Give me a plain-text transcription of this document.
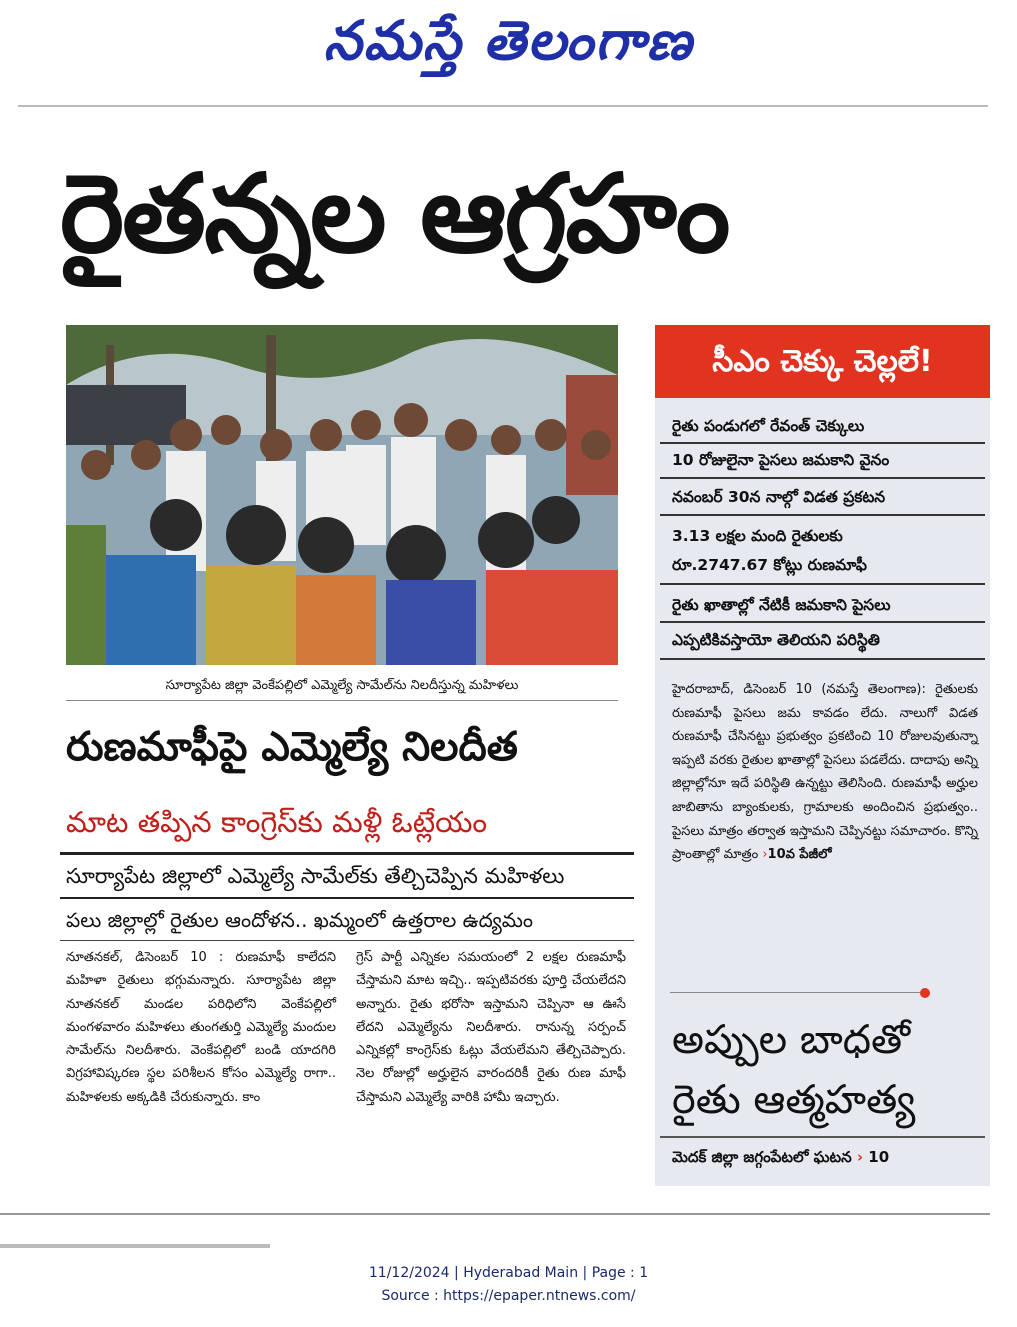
నమస్తే తెలంగాణ
రైతన్నల ఆగ్రహం
సూర్యాపేట జిల్లా వెంకేపల్లిలో ఎమ్మెల్యే సామేల్‌ను నిలదీస్తున్న మహిళలు
రుణమాఫీపై ఎమ్మెల్యే నిలదీత
మాట తప్పిన కాంగ్రెస్‌కు మళ్లీ ఓట్లేయం
సూర్యాపేట జిల్లాలో ఎమ్మెల్యే సామేల్‌కు తేల్చిచెప్పిన మహిళలు
పలు జిల్లాల్లో రైతుల ఆందోళన.. ఖమ్మంలో ఉత్తరాల ఉద్యమం
నూతనకల్, డిసెంబర్ 10 : రుణమాఫీ కాలేదని మహిళా రైతులు భగ్గుమన్నారు. సూర్యాపేట జిల్లా నూతనకల్ మండల పరిధిలోని వెంకేపల్లిలో మంగళవారం మహిళలు తుంగతుర్తి ఎమ్మెల్యే మందుల సామేల్‌ను నిలదీశారు. వెంకేపల్లిలో బండి యాదగిరి విగ్రహావిష్కరణ స్థల పరిశీలన కోసం ఎమ్మెల్యే రాగా.. మహిళలకు అక్కడికి చేరుకున్నారు. కాం
గ్రెస్ పార్టీ ఎన్నికల సమయంలో 2 లక్షల రుణమాఫీ చేస్తామని మాట ఇచ్చి.. ఇప్పటివరకు పూర్తి చేయలేదని అన్నారు. రైతు భరోసా ఇస్తామని చెప్పినా ఆ ఊసే లేదని ఎమ్మెల్యేను నిలదీశారు. రానున్న సర్పంచ్ ఎన్నికల్లో కాంగ్రెస్‌కు ఓట్లు వేయలేమని తేల్చిచెప్పారు. నెల రోజుల్లో అర్హులైన వారందరికీ రైతు రుణ మాఫీ చేస్తామని ఎమ్మెల్యే వారికి హామీ ఇచ్చారు.
సీఎం చెక్కు చెల్లలే!
రైతు పండుగలో రేవంత్ చెక్కులు
10 రోజులైనా పైసలు జమకాని వైనం
నవంబర్ 30న నాల్గో విడత ప్రకటన
3.13 లక్షల మంది రైతులకు
రూ.2747.67 కోట్లు రుణమాఫీ
రైతు ఖాతాల్లో నేటికీ జమకాని పైసలు
ఎప్పటికివస్తాయో తెలియని పరిస్థితి
హైదరాబాద్, డిసెంబర్ 10 (నమస్తే తెలంగాణ): రైతులకు రుణమాఫీ పైసలు జమ కావడం లేదు. నాలుగో విడత రుణమాఫీ చేసినట్టు ప్రభుత్వం ప్రకటించి 10 రోజులవుతున్నా ఇప్పటి వరకు రైతుల ఖాతాల్లో పైసలు పడలేదు. దాదాపు అన్ని జిల్లాల్లోనూ ఇదే పరిస్థితి ఉన్నట్టు తెలిసింది. రుణమాఫీ అర్హుల జాబితాను బ్యాంకులకు, గ్రామాలకు అందించిన ప్రభుత్వం.. పైసలు మాత్రం తర్వాత ఇస్తామని చెప్పినట్టు సమాచారం. కొన్ని ప్రాంతాల్లో మాత్రం ›10వ పేజీలో
అప్పుల బాధతో రైతు ఆత్మహత్య
మెదక్ జిల్లా జగ్గంపేటలో ఘటన › 10
11/12/2024 | Hyderabad Main | Page : 1
Source : https://epaper.ntnews.com/
